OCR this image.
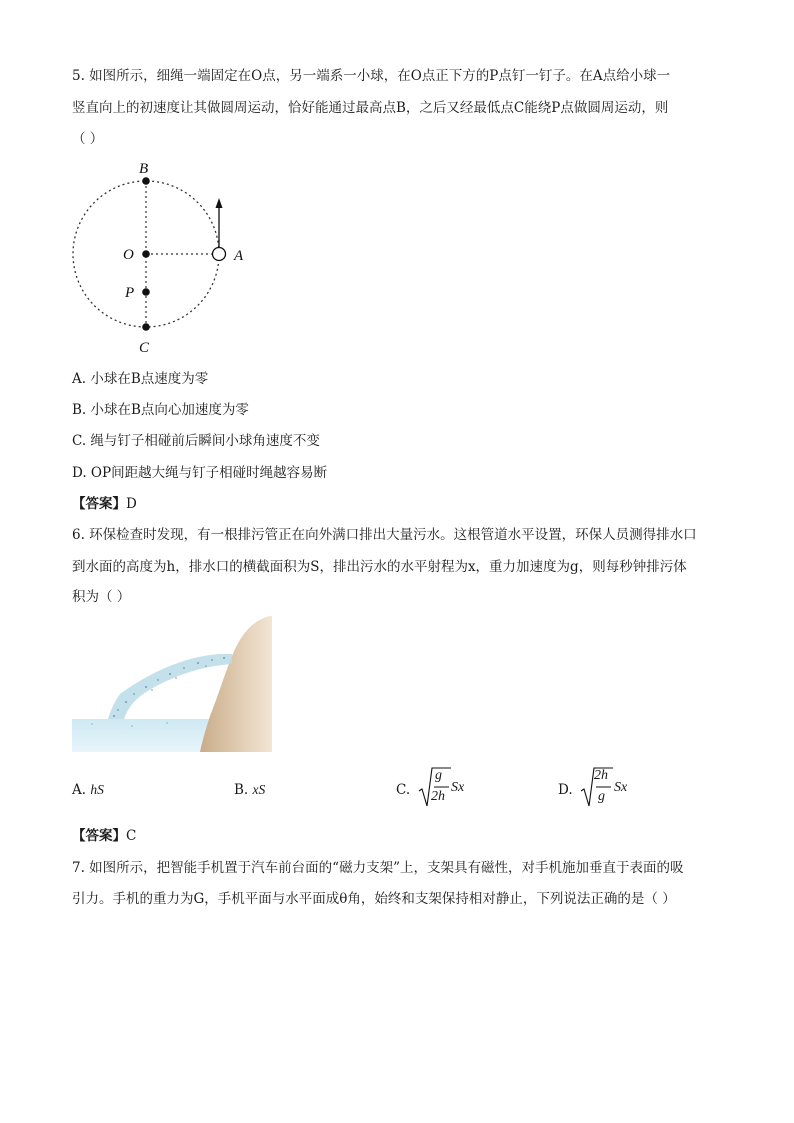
5. 如图所示，细绳一端固定在O点，另一端系一小球，在O点正下方的P点钉一钉子。在A点给小球一
竖直向上的初速度让其做圆周运动，恰好能通过最高点B，之后又经最低点C能绕P点做圆周运动，则
（ ）
B
O
P
C
A
A. 小球在B点速度为零
B. 小球在B点向心加速度为零
C. 绳与钉子相碰前后瞬间小球角速度不变
D. OP间距越大绳与钉子相碰时绳越容易断
【答案】D
6. 环保检查时发现，有一根排污管正在向外满口排出大量污水。这根管道水平设置，环保人员测得排水口
到水面的高度为h，排水口的横截面积为S，排出污水的水平射程为x，重力加速度为g，则每秒钟排污体
积为（ ）
A. hS	B. xS	C.
g
2h
Sx	D.
2h
g
Sx
【答案】C
7. 如图所示，把智能手机置于汽车前台面的“磁力支架”上，支架具有磁性，对手机施加垂直于表面的吸
引力。手机的重力为G，手机平面与水平面成θ角，始终和支架保持相对静止，下列说法正确的是（ ）
